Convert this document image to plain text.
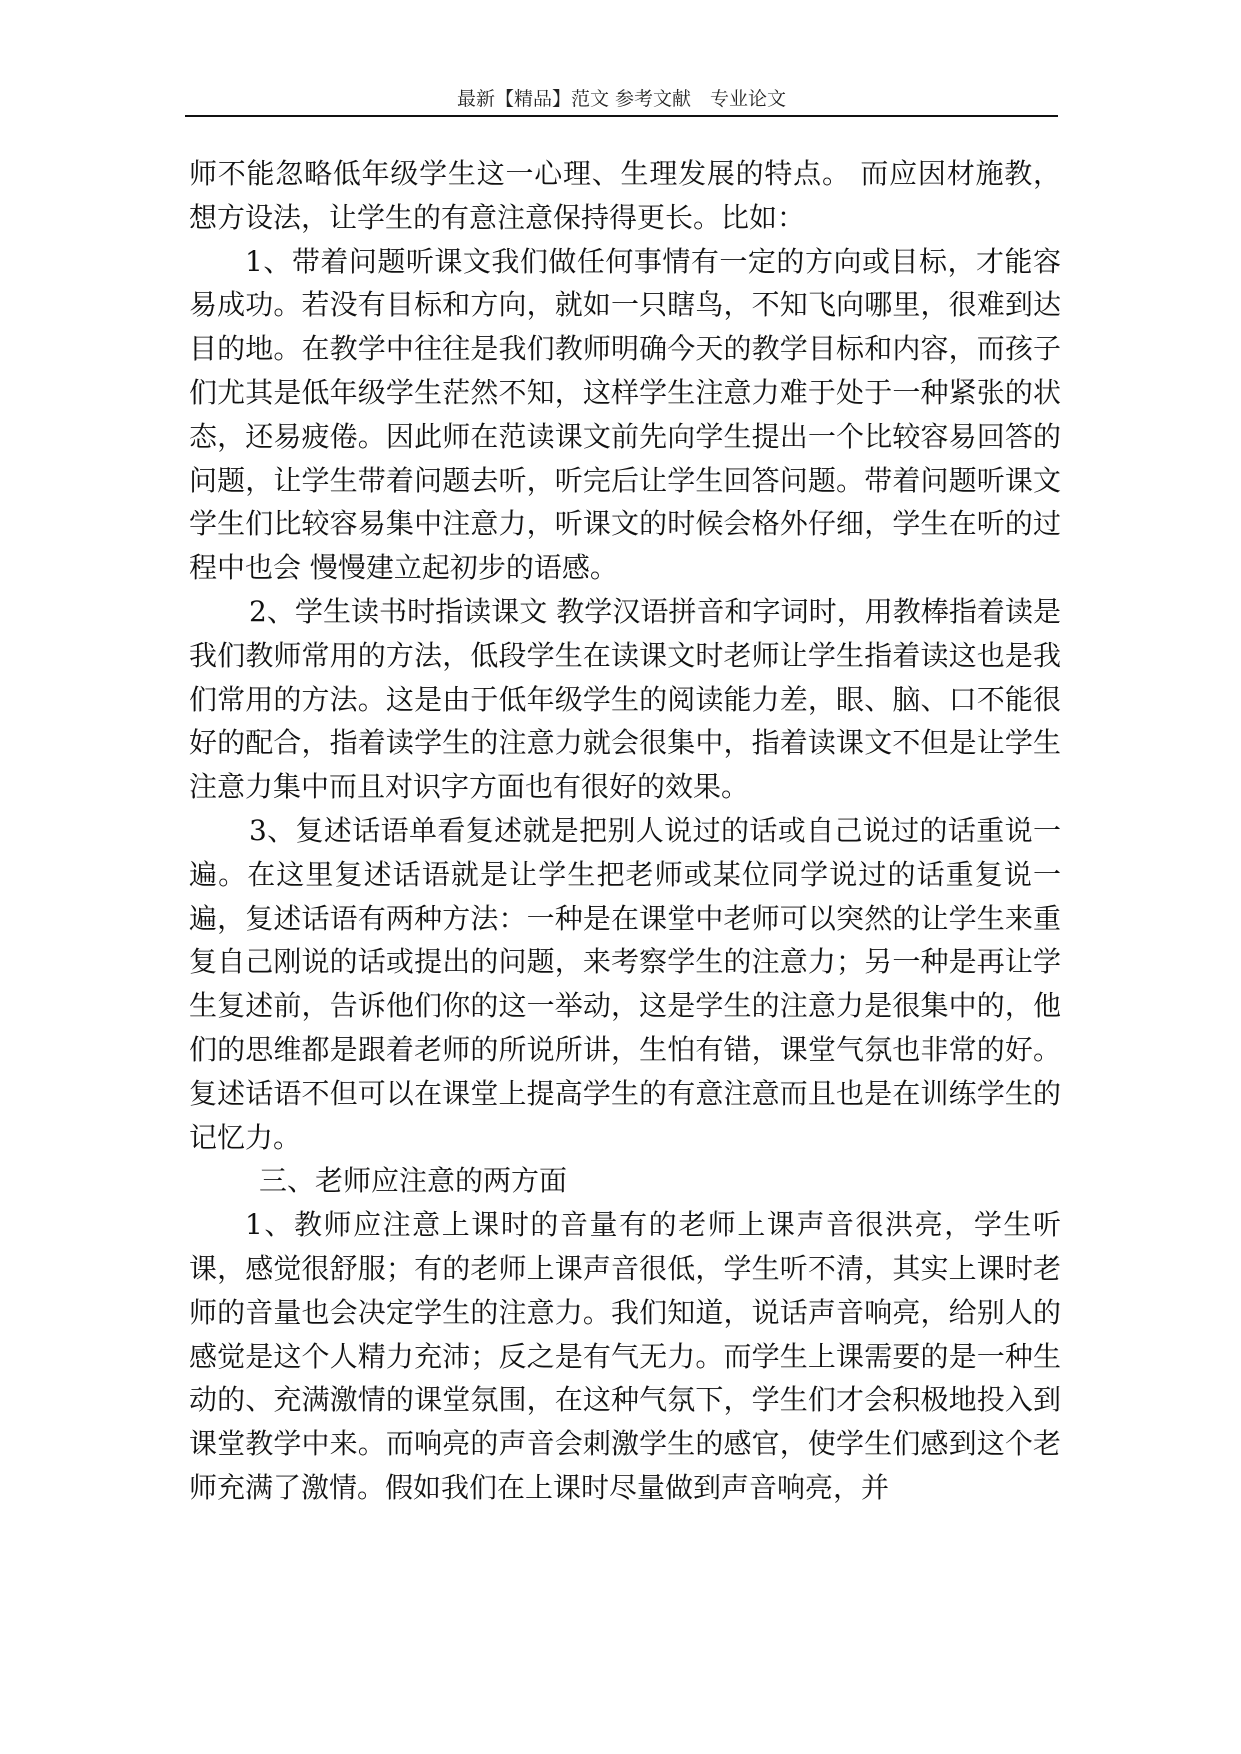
最新【精品】范文 参考文献　专业论文

师不能忽略低年级学生这一心理、生理发展的特点。 而应因材施教，想方设法，让学生的有意注意保持得更长。比如：

1、带着问题听课文我们做任何事情有一定的方向或目标，才能容易成功。若没有目标和方向，就如一只瞎鸟，不知飞向哪里，很难到达目的地。在教学中往往是我们教师明确今天的教学目标和内容，而孩子们尤其是低年级学生茫然不知，这样学生注意力难于处于一种紧张的状态，还易疲倦。因此师在范读课文前先向学生提出一个比较容易回答的问题，让学生带着问题去听，听完后让学生回答问题。带着问题听课文学生们比较容易集中注意力，听课文的时候会格外仔细，学生在听的过程中也会 慢慢建立起初步的语感。

2、学生读书时指读课文 教学汉语拼音和字词时，用教棒指着读是我们教师常用的方法，低段学生在读课文时老师让学生指着读这也是我们常用的方法。这是由于低年级学生的阅读能力差，眼、脑、口不能很好的配合，指着读学生的注意力就会很集中，指着读课文不但是让学生注意力集中而且对识字方面也有很好的效果。

3、复述话语单看复述就是把别人说过的话或自己说过的话重说一遍。在这里复述话语就是让学生把老师或某位同学说过的话重复说一遍，复述话语有两种方法：一种是在课堂中老师可以突然的让学生来重复自己刚说的话或提出的问题，来考察学生的注意力；另一种是再让学生复述前，告诉他们你的这一举动，这是学生的注意力是很集中的，他们的思维都是跟着老师的所说所讲，生怕有错，课堂气氛也非常的好。复述话语不但可以在课堂上提高学生的有意注意而且也是在训练学生的记忆力。

三、老师应注意的两方面

1、教师应注意上课时的音量有的老师上课声音很洪亮，学生听课，感觉很舒服；有的老师上课声音很低，学生听不清，其实上课时老师的音量也会决定学生的注意力。我们知道，说话声音响亮，给别人的感觉是这个人精力充沛；反之是有气无力。而学生上课需要的是一种生动的、充满激情的课堂氛围，在这种气氛下，学生们才会积极地投入到课堂教学中来。而响亮的声音会刺激学生的感官，使学生们感到这个老师充满了激情。假如我们在上课时尽量做到声音响亮，并
